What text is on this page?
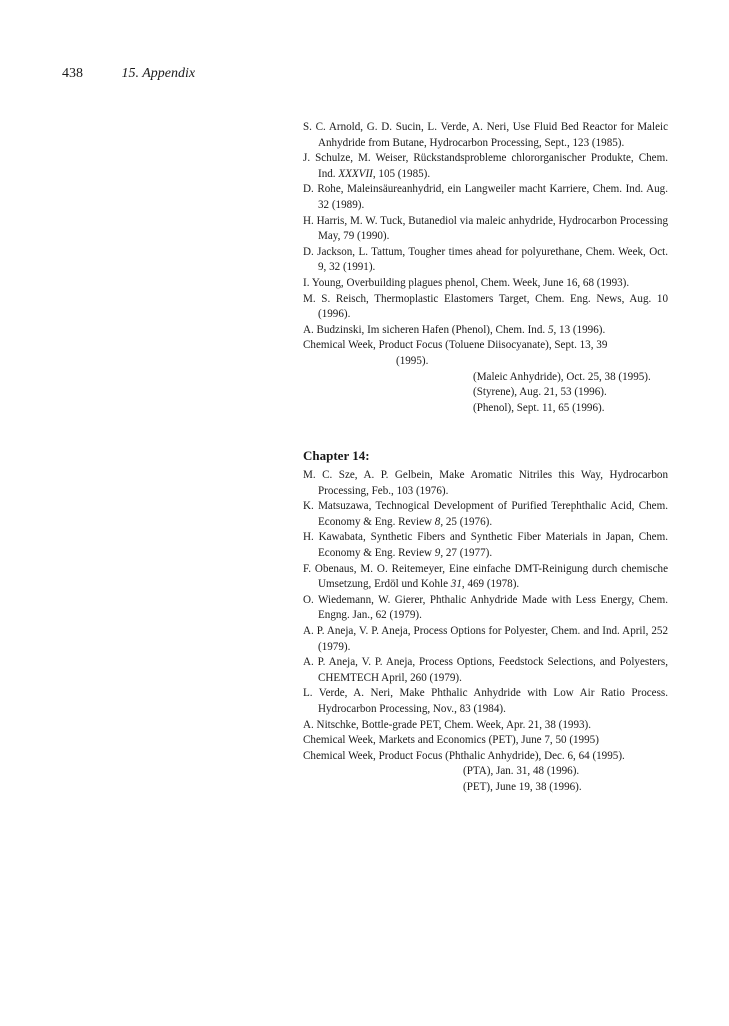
438	15. Appendix
S. C. Arnold, G. D. Sucin, L. Verde, A. Neri, Use Fluid Bed Reactor for Maleic Anhydride from Butane, Hydrocarbon Processing, Sept., 123 (1985).
J. Schulze, M. Weiser, Rückstandsprobleme chlororganischer Produkte, Chem. Ind. XXXVII, 105 (1985).
D. Rohe, Maleinsäureanhydrid, ein Langweiler macht Karriere, Chem. Ind. Aug. 32 (1989).
H. Harris, M. W. Tuck, Butanediol via maleic anhydride, Hydrocarbon Processing May, 79 (1990).
D. Jackson, L. Tattum, Tougher times ahead for polyurethane, Chem. Week, Oct. 9, 32 (1991).
I. Young, Overbuilding plagues phenol, Chem. Week, June 16, 68 (1993).
M. S. Reisch, Thermoplastic Elastomers Target, Chem. Eng. News, Aug. 10 (1996).
A. Budzinski, Im sicheren Hafen (Phenol), Chem. Ind. 5, 13 (1996).
Chemical Week, Product Focus (Toluene Diisocyanate), Sept. 13, 39
(1995).
(Maleic Anhydride), Oct. 25, 38 (1995).
(Styrene), Aug. 21, 53 (1996).
(Phenol), Sept. 11, 65 (1996).
Chapter 14:
M. C. Sze, A. P. Gelbein, Make Aromatic Nitriles this Way, Hydrocarbon Processing, Feb., 103 (1976).
K. Matsuzawa, Technogical Development of Purified Terephthalic Acid, Chem. Economy & Eng. Review 8, 25 (1976).
H. Kawabata, Synthetic Fibers and Synthetic Fiber Materials in Japan, Chem. Economy & Eng. Review 9, 27 (1977).
F. Obenaus, M. O. Reitemeyer, Eine einfache DMT-Reinigung durch chemische Umsetzung, Erdöl und Kohle 31, 469 (1978).
O. Wiedemann, W. Gierer, Phthalic Anhydride Made with Less Energy, Chem. Engng. Jan., 62 (1979).
A. P. Aneja, V. P. Aneja, Process Options for Polyester, Chem. and Ind. April, 252 (1979).
A. P. Aneja, V. P. Aneja, Process Options, Feedstock Selections, and Polyesters, CHEMTECH April, 260 (1979).
L. Verde, A. Neri, Make Phthalic Anhydride with Low Air Ratio Process. Hydrocarbon Processing, Nov., 83 (1984).
A. Nitschke, Bottle-grade PET, Chem. Week, Apr. 21, 38 (1993).
Chemical Week, Markets and Economics (PET), June 7, 50 (1995)
Chemical Week, Product Focus (Phthalic Anhydride), Dec. 6, 64 (1995).
(PTA), Jan. 31, 48 (1996).
(PET), June 19, 38 (1996).
